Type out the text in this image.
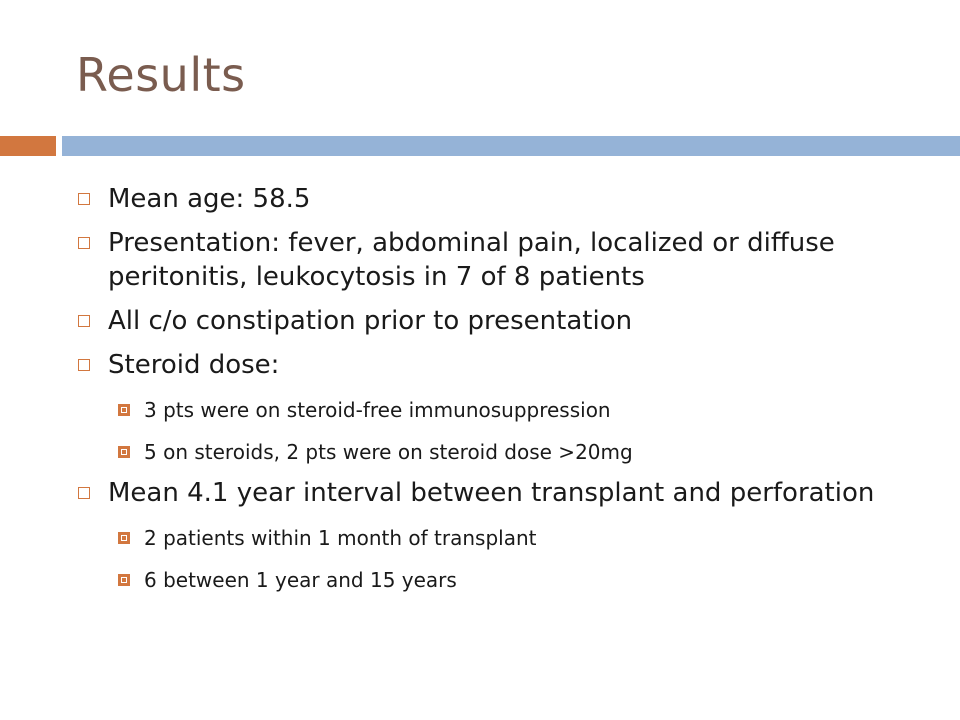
Results
Mean age: 58.5
Presentation: fever, abdominal pain, localized or diffuse peritonitis, leukocytosis in 7 of 8 patients
All c/o constipation prior to presentation
Steroid dose:
3 pts were on steroid-free immunosuppression
5 on steroids, 2 pts were on steroid dose >20mg
Mean 4.1 year interval between transplant and perforation
2 patients within 1 month of transplant
6 between 1 year and 15 years
